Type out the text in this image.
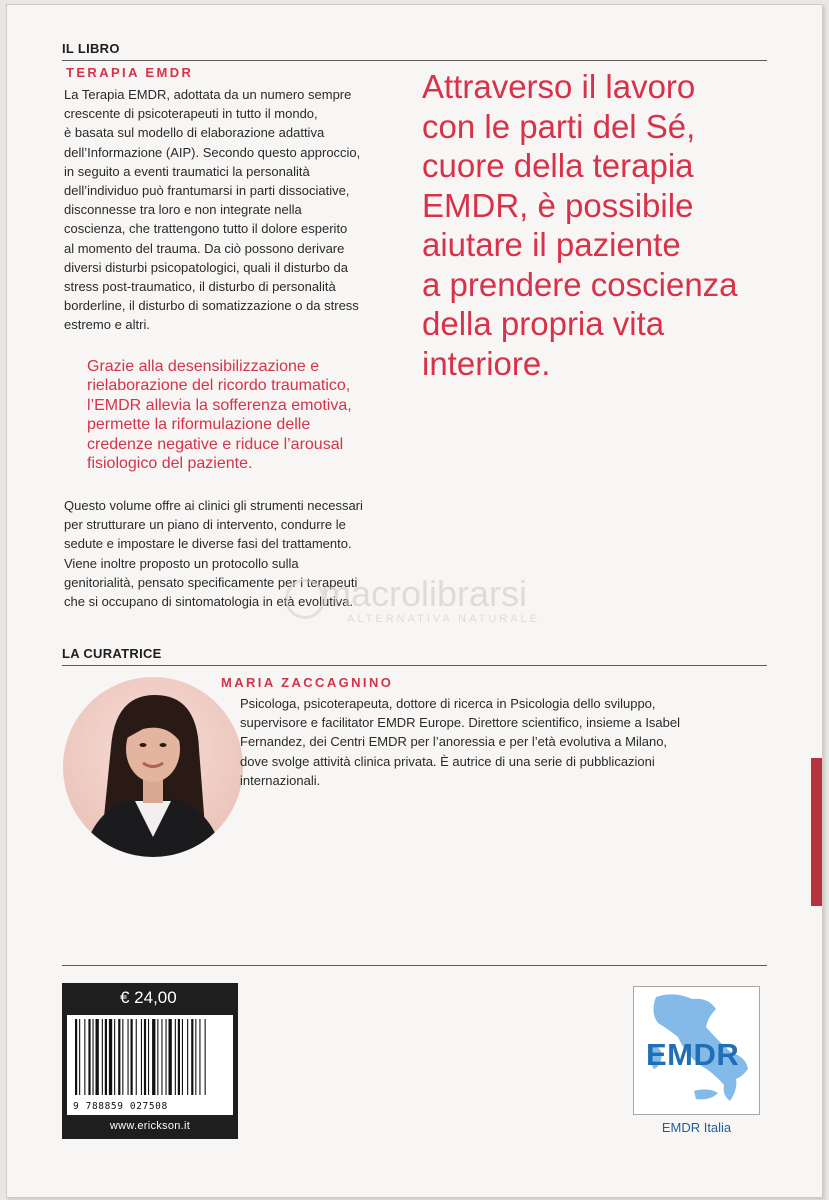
IL LIBRO
TERAPIA EMDR
La Terapia EMDR, adottata da un numero sempre
crescente di psicoterapeuti in tutto il mondo,
è basata sul modello di elaborazione adattiva
dell’Informazione (AIP). Secondo questo approccio,
in seguito a eventi traumatici la personalità
dell’individuo può frantumarsi in parti dissociative,
disconnesse tra loro e non integrate nella
coscienza, che trattengono tutto il dolore esperito
al momento del trauma. Da ciò possono derivare
diversi disturbi psicopatologici, quali il disturbo da
stress post-traumatico, il disturbo di personalità
borderline, il disturbo di somatizzazione o da stress
estremo e altri.
Grazie alla desensibilizzazione e
rielaborazione del ricordo traumatico,
l’EMDR allevia la sofferenza emotiva,
permette la riformulazione delle
credenze negative e riduce l’arousal
fisiologico del paziente.
Questo volume offre ai clinici gli strumenti necessari
per strutturare un piano di intervento, condurre le
sedute e impostare le diverse fasi del trattamento.
Viene inoltre proposto un protocollo sulla
genitorialità, pensato specificamente per i terapeuti
che si occupano di sintomatologia in età evolutiva.
Attraverso il lavoro
con le parti del Sé,
cuore della terapia
EMDR, è possibile
aiutare il paziente
a prendere coscienza
della propria vita
interiore.
macrolibrarsi
ALTERNATIVA NATURALE
LA CURATRICE
MARIA ZACCAGNINO
Psicologa, psicoterapeuta, dottore di ricerca in Psicologia dello sviluppo,
supervisore e facilitator EMDR Europe. Direttore scientifico, insieme a Isabel
Fernandez, dei Centri EMDR per l’anoressia e per l’età evolutiva a Milano,
dove svolge attività clinica privata. È autrice di una serie di pubblicazioni
internazionali.
€ 24,00
9 788859 027508
www.erickson.it
EMDR
EMDR Italia
